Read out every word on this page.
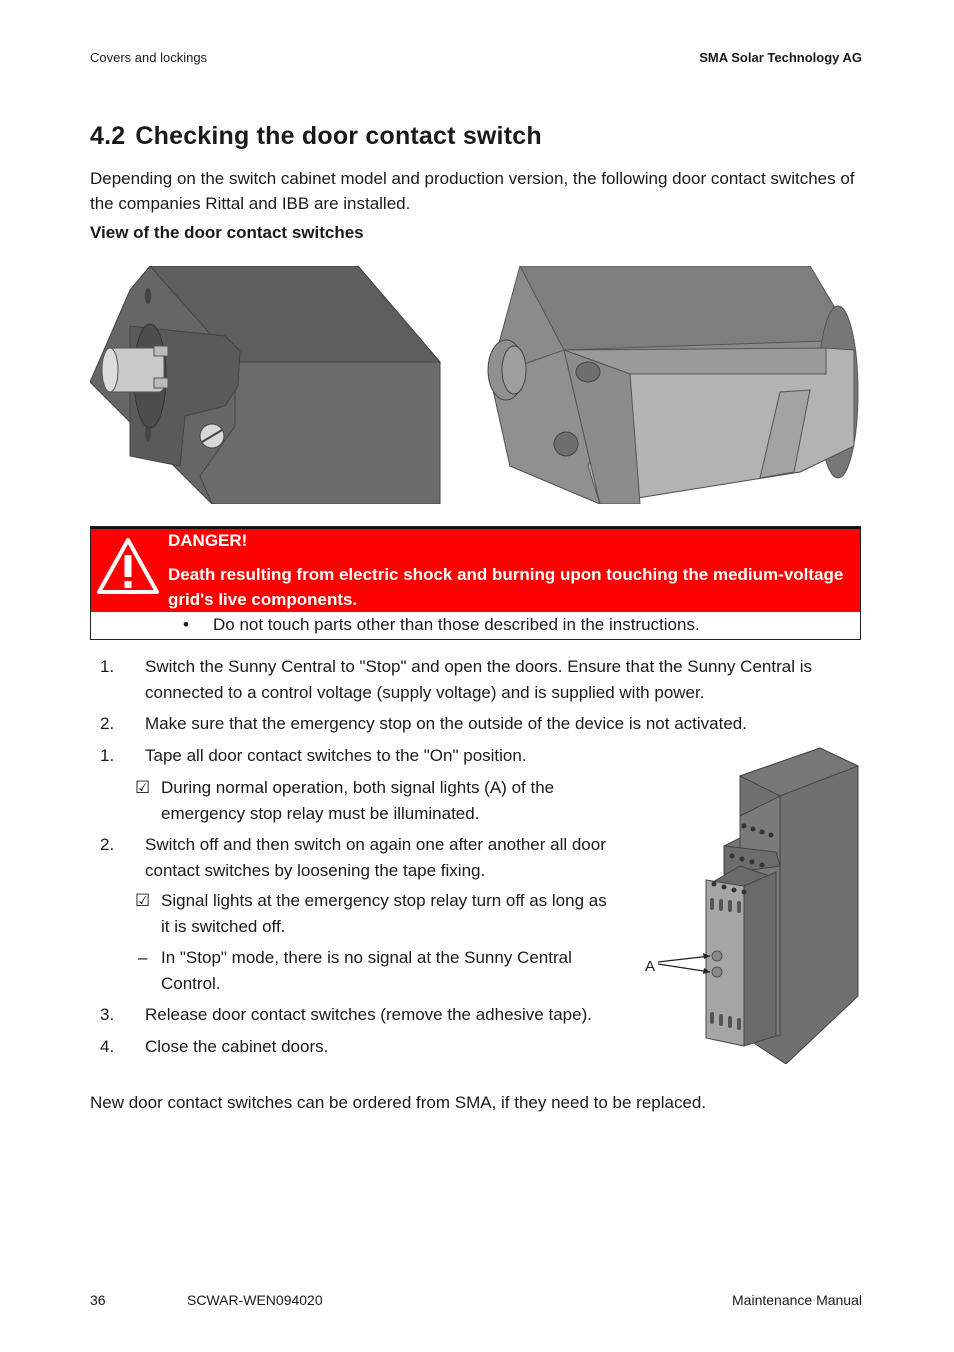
Covers and lockings	SMA Solar Technology AG
4.2 Checking the door contact switch
Depending on the switch cabinet model and production version, the following door contact switches of the companies Rittal and IBB are installed.
View of the door contact switches
DANGER!
Death resulting from electric shock and burning upon touching the medium-voltage grid's live components.
• Do not touch parts other than those described in the instructions.
1. Switch the Sunny Central to "Stop" and open the doors. Ensure that the Sunny Central is
connected to a control voltage (supply voltage) and is supplied with power.
2. Make sure that the emergency stop on the outside of the device is not activated.
1. Tape all door contact switches to the "On" position.
☑ During normal operation, both signal lights (A) of the
emergency stop relay must be illuminated.
2. Switch off and then switch on again one after another all door
contact switches by loosening the tape fixing.
☑ Signal lights at the emergency stop relay turn off as long as
it is switched off.
– In "Stop" mode, there is no signal at the Sunny Central
Control.
3. Release door contact switches (remove the adhesive tape).
4. Close the cabinet doors.
A
New door contact switches can be ordered from SMA, if they need to be replaced.
36	SCWAR-WEN094020	Maintenance Manual
